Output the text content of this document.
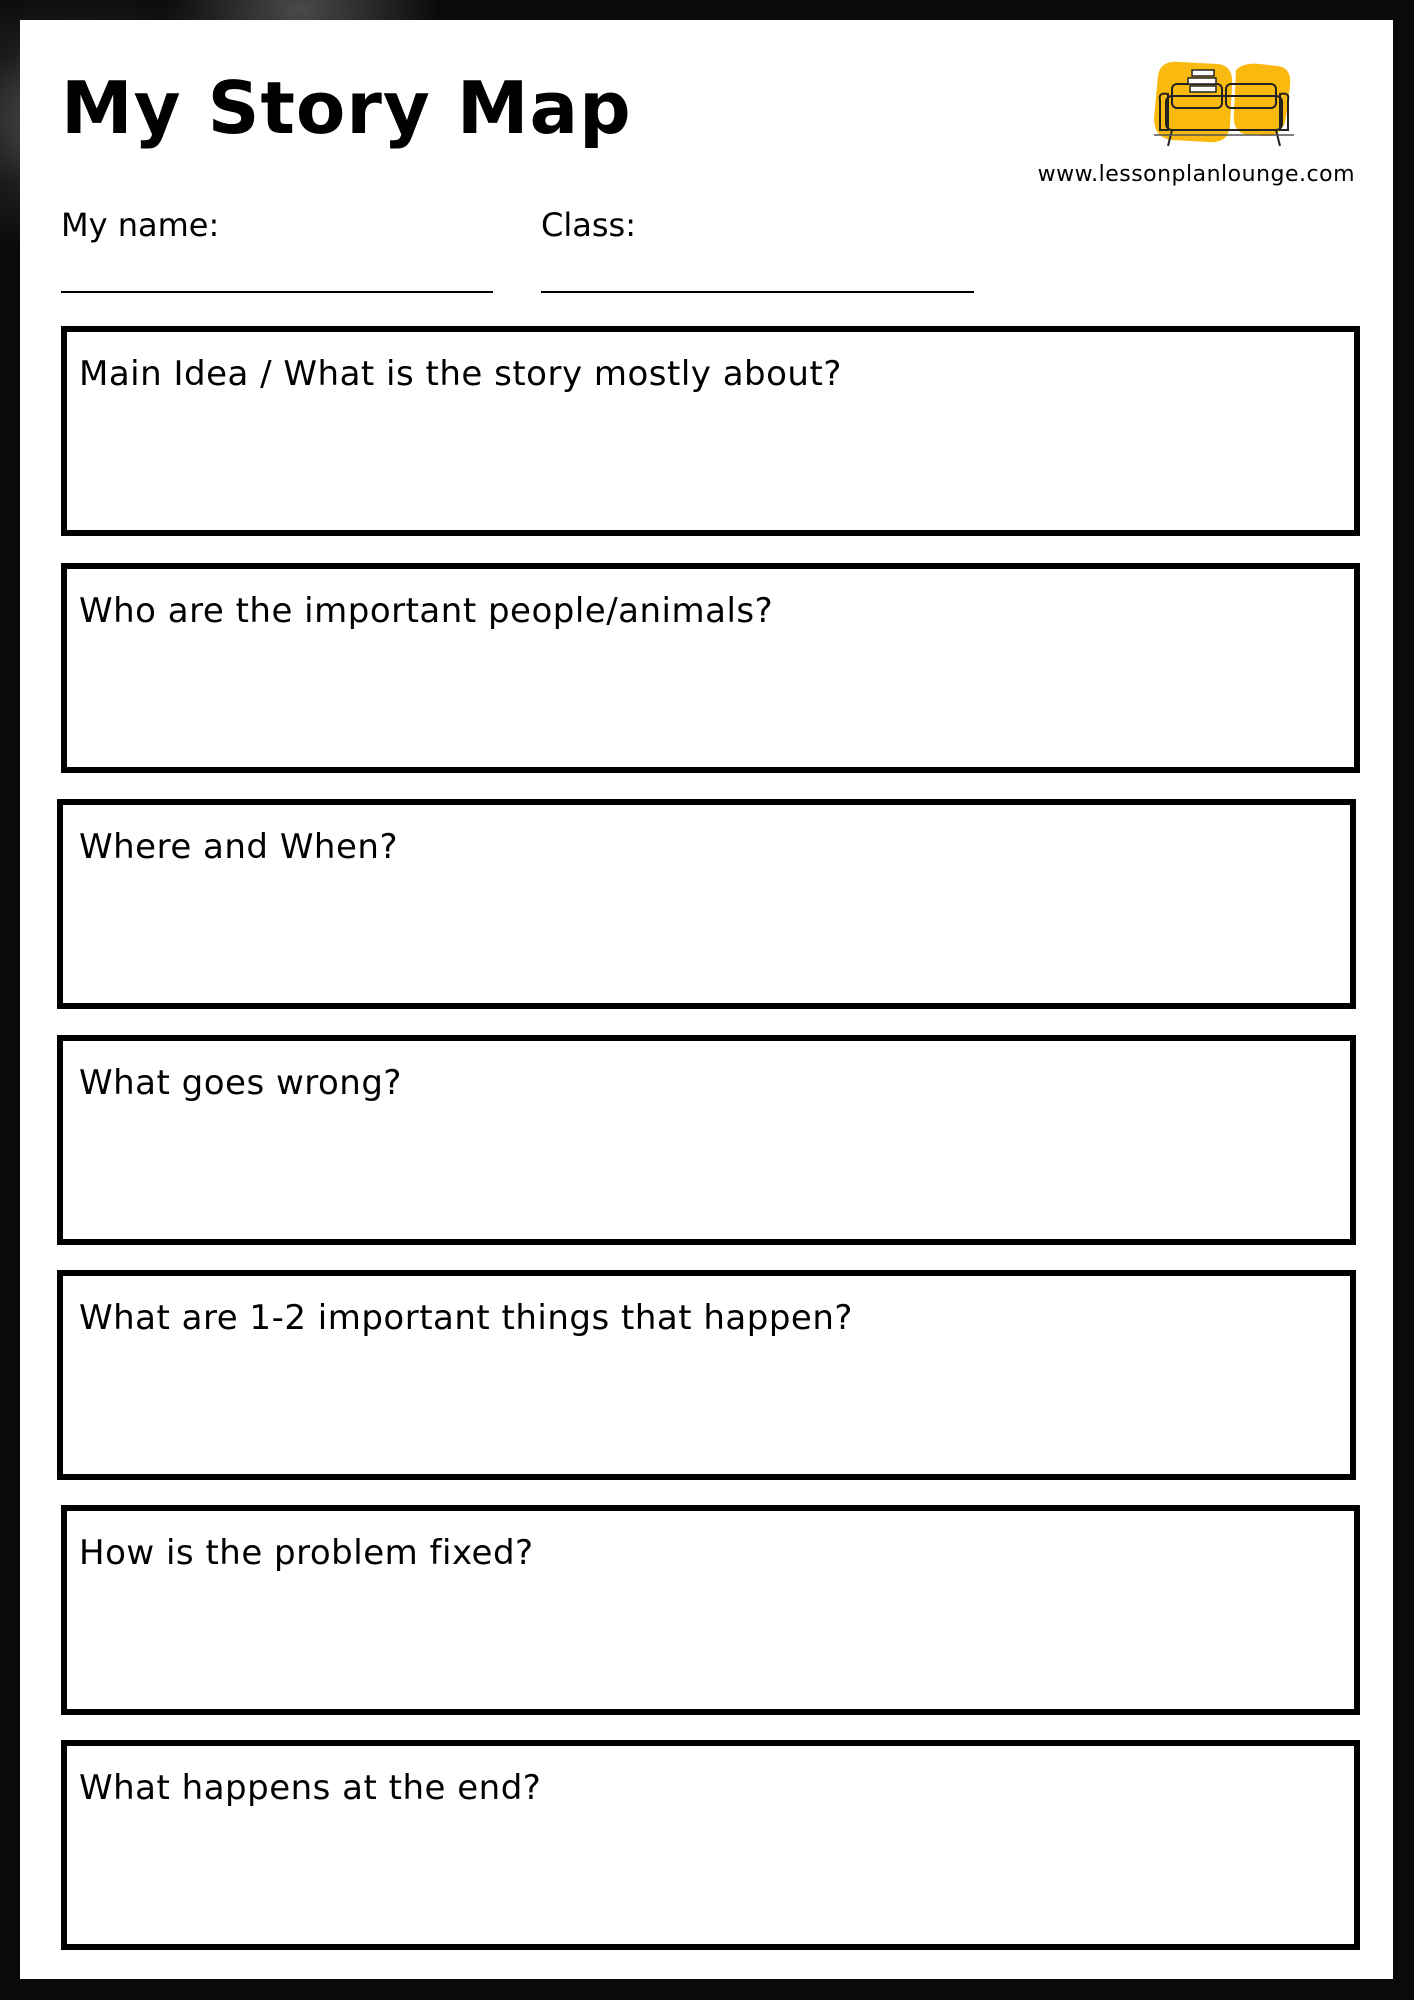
My Story Map
www.lessonplanlounge.com
My name:	Class:
Main Idea / What is the story mostly about?
Who are the important people/animals?
Where and When?
What goes wrong?
What are 1-2 important things that happen?
How is the problem fixed?
What happens at the end?
